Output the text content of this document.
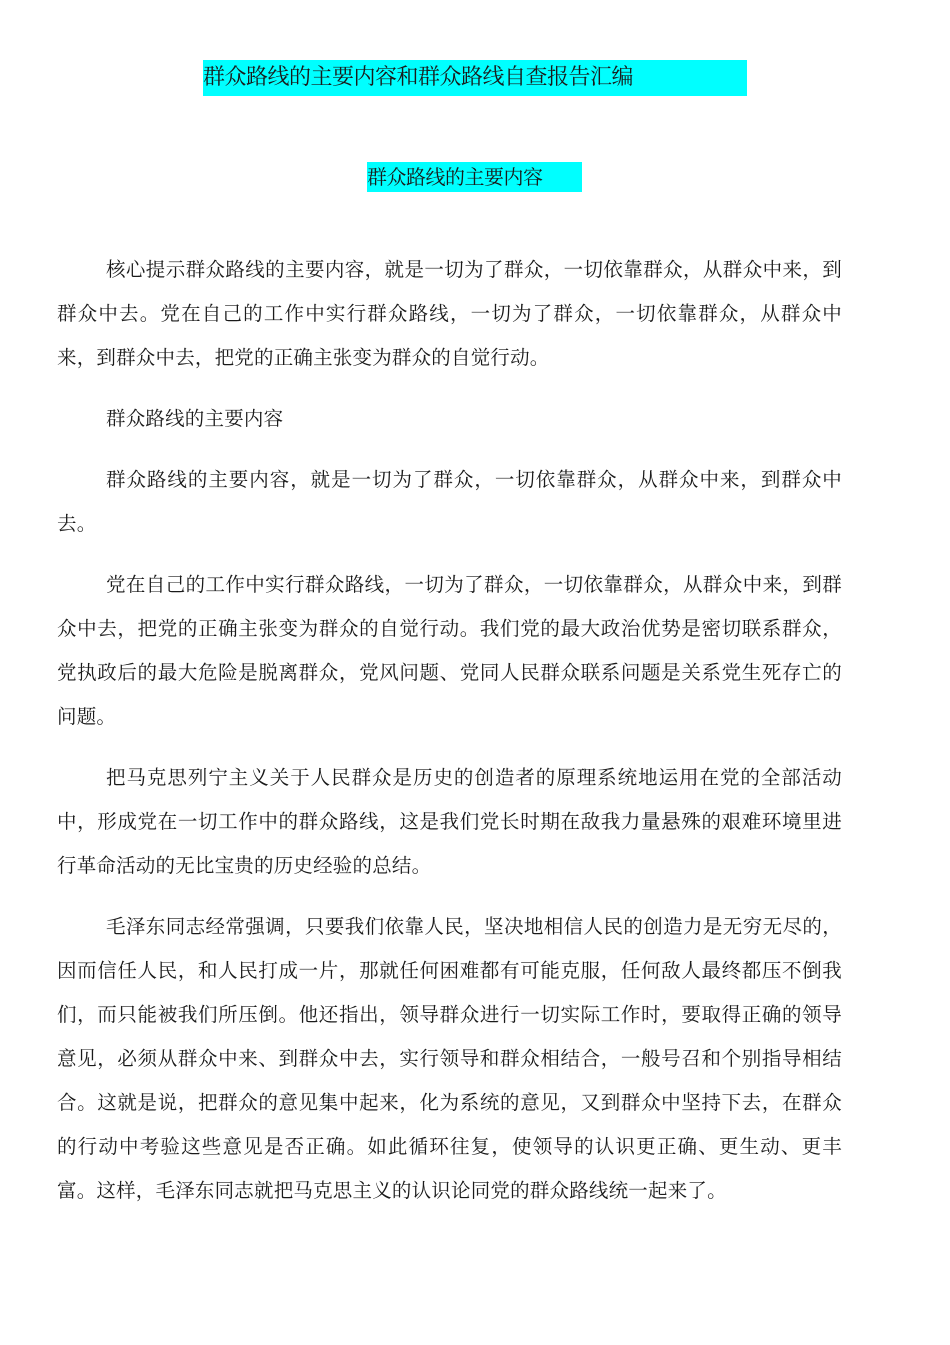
群众路线的主要内容和群众路线自查报告汇编
群众路线的主要内容

核心提示群众路线的主要内容，就是一切为了群众，一切依靠群众，从群众中来，到群众中去。党在自己的工作中实行群众路线，一切为了群众，一切依靠群众，从群众中来，到群众中去，把党的正确主张变为群众的自觉行动。

群众路线的主要内容

群众路线的主要内容，就是一切为了群众，一切依靠群众，从群众中来，到群众中去。

党在自己的工作中实行群众路线，一切为了群众，一切依靠群众，从群众中来，到群众中去，把党的正确主张变为群众的自觉行动。我们党的最大政治优势是密切联系群众，党执政后的最大危险是脱离群众，党风问题、党同人民群众联系问题是关系党生死存亡的问题。

把马克思列宁主义关于人民群众是历史的创造者的原理系统地运用在党的全部活动中，形成党在一切工作中的群众路线，这是我们党长时期在敌我力量悬殊的艰难环境里进行革命活动的无比宝贵的历史经验的总结。

毛泽东同志经常强调，只要我们依靠人民，坚决地相信人民的创造力是无穷无尽的，因而信任人民，和人民打成一片，那就任何困难都有可能克服，任何敌人最终都压不倒我们，而只能被我们所压倒。他还指出，领导群众进行一切实际工作时，要取得正确的领导意见，必须从群众中来、到群众中去，实行领导和群众相结合，一般号召和个别指导相结合。这就是说，把群众的意见集中起来，化为系统的意见，又到群众中坚持下去，在群众的行动中考验这些意见是否正确。如此循环往复，使领导的认识更正确、更生动、更丰富。这样，毛泽东同志就把马克思主义的认识论同党的群众路线统一起来了。
